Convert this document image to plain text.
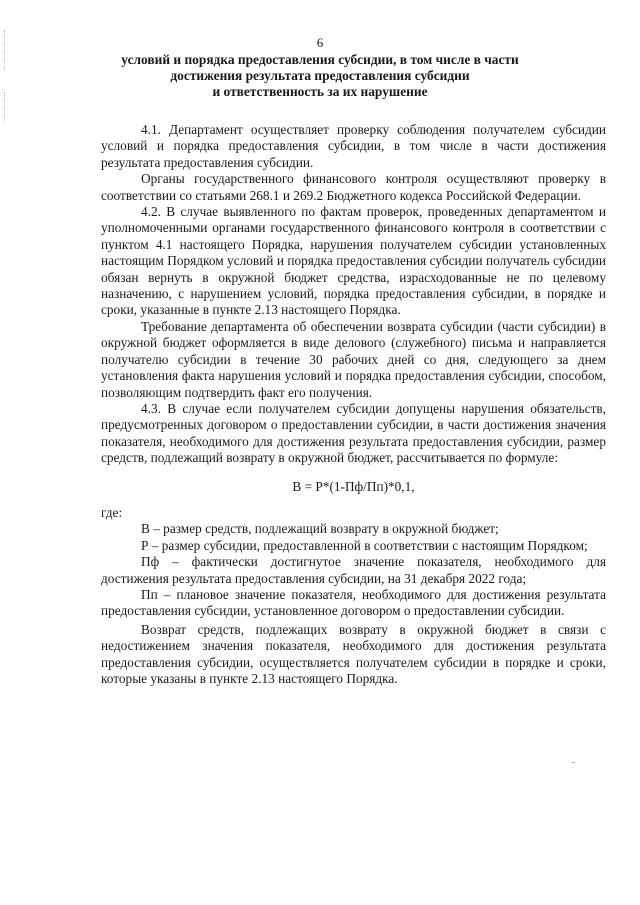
6
условий и порядка предоставления субсидии, в том числе в части
достижения результата предоставления субсидии
и ответственность за их нарушение

4.1. Департамент осуществляет проверку соблюдения получателем субсидии условий и порядка предоставления субсидии, в том числе в части достижения результата предоставления субсидии.

Органы государственного финансового контроля осуществляют проверку в соответствии со статьями 268.1 и 269.2 Бюджетного кодекса Российской Федерации.

4.2. В случае выявленного по фактам проверок, проведенных департаментом и уполномоченными органами государственного финансового контроля в соответствии с пунктом 4.1 настоящего Порядка, нарушения получателем субсидии установленных настоящим Порядком условий и порядка предоставления субсидии получатель субсидии обязан вернуть в окружной бюджет средства, израсходованные не по целевому назначению, с нарушением условий, порядка предоставления субсидии, в порядке и сроки, указанные в пункте 2.13 настоящего Порядка.

Требование департамента об обеспечении возврата субсидии (части субсидии) в окружной бюджет оформляется в виде делового (служебного) письма и направляется получателю субсидии в течение 30 рабочих дней со дня, следующего за днем установления факта нарушения условий и порядка предоставления субсидии, способом, позволяющим подтвердить факт его получения.

4.3. В случае если получателем субсидии допущены нарушения обязательств, предусмотренных договором о предоставлении субсидии, в части достижения значения показателя, необходимого для достижения результата предоставления субсидии, размер средств, подлежащий возврату в окружной бюджет, рассчитывается по формуле:

В = Р*(1-Пф/Пп)*0,1,

где:

В – размер средств, подлежащий возврату в окружной бюджет;

Р – размер субсидии, предоставленной в соответствии с настоящим Порядком;

Пф – фактически достигнутое значение показателя, необходимого для достижения результата предоставления субсидии, на 31 декабря 2022 года;

Пп – плановое значение показателя, необходимого для достижения результата предоставления субсидии, установленное договором о предоставлении субсидии.

Возврат средств, подлежащих возврату в окружной бюджет в связи с недостижением значения показателя, необходимого для достижения результата предоставления субсидии, осуществляется получателем субсидии в порядке и сроки, которые указаны в пункте 2.13 настоящего Порядка.
